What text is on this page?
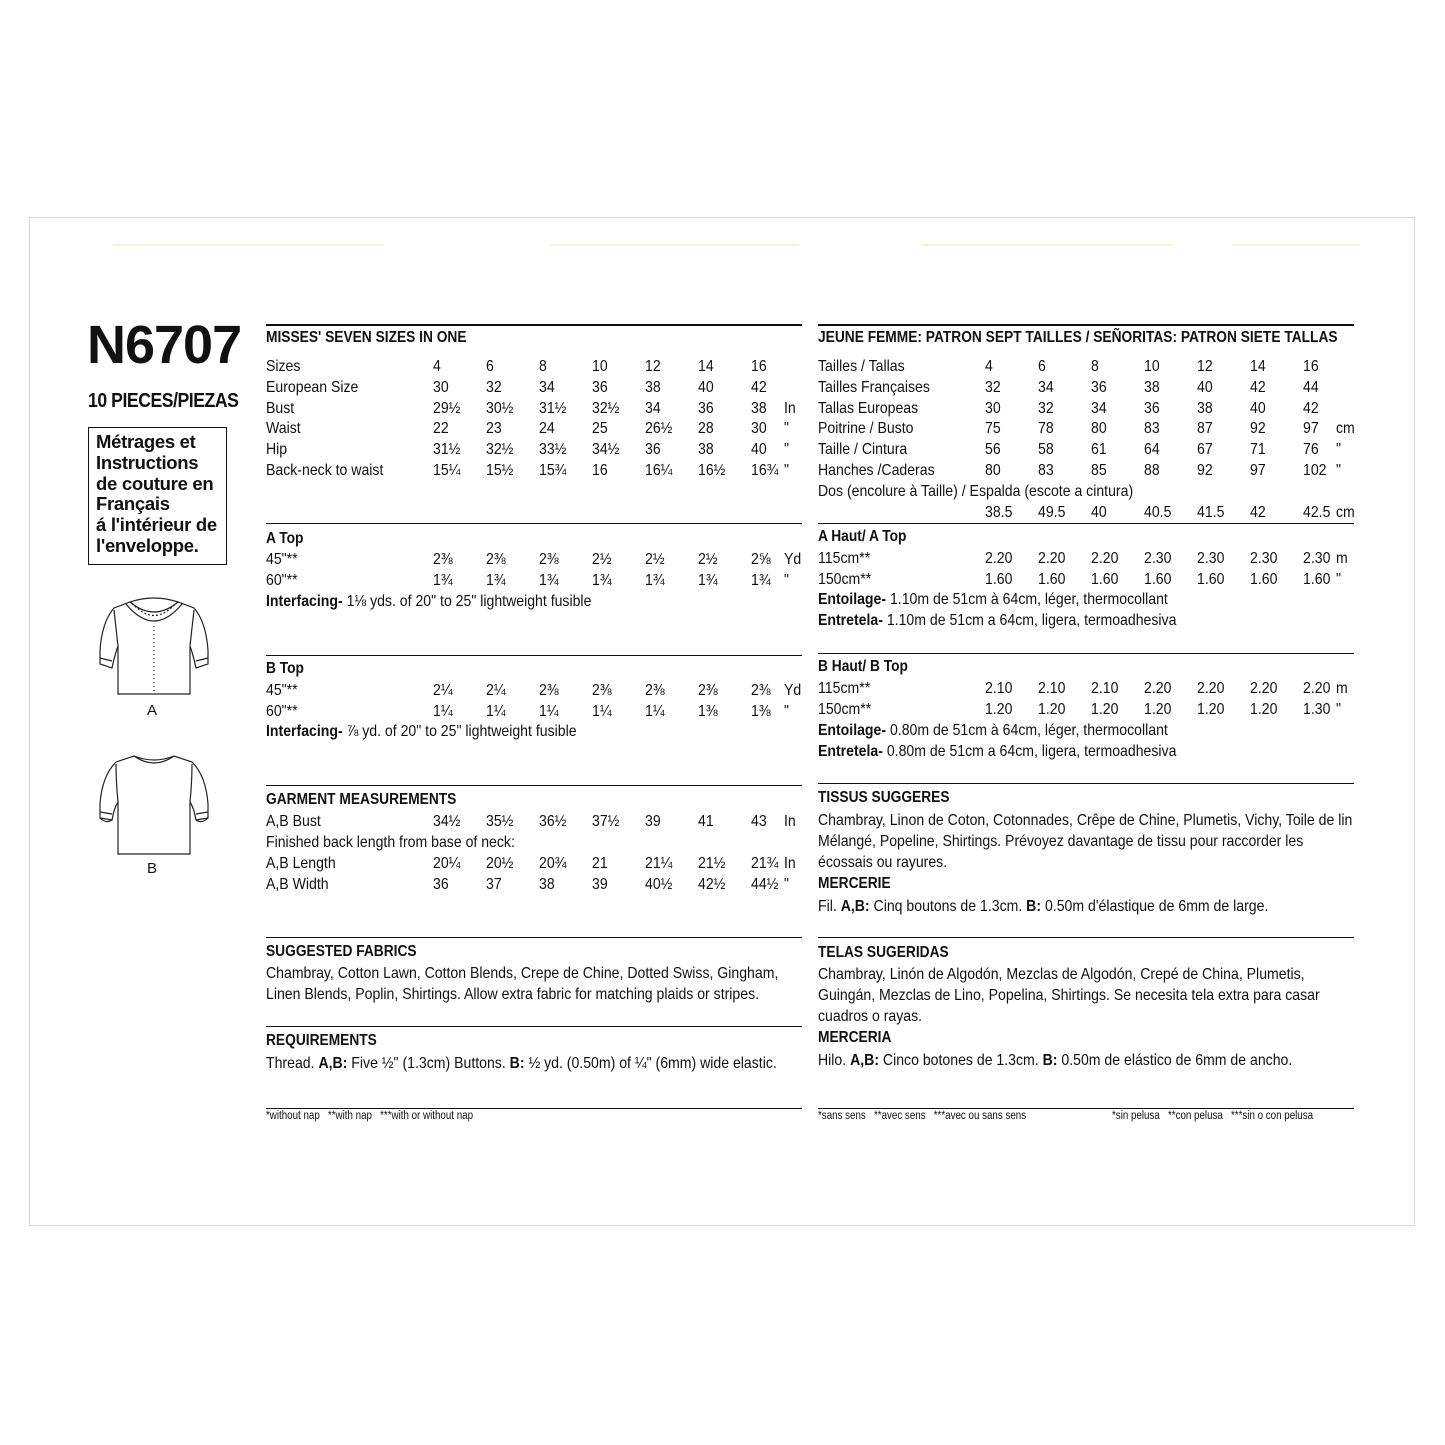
N6707
10 PIECES/PIEZAS
Métrages et
Instructions
de couture en
Français
á l'intérieur de
l'enveloppe.
A
B
MISSES' SEVEN SIZES IN ONE
Sizes	4	6	8	10 12 14 16
European Size	30 32 34 36 38 40 42
Bust	29½ 30½ 31½ 32½ 34 36 38 In
Waist	22 23 24 25 26½ 28 30 "
Hip	31½ 32½ 33½ 34½ 36 38 40 "
Back-neck to waist	15¼ 15½ 15¾ 16 16¼ 16½ 16¾ "
A Top
45"**	2⅜ 2⅜ 2⅜ 2½ 2½ 2½ 2⅝ Yd
60"**	1¾ 1¾ 1¾ 1¾ 1¾ 1¾ 1¾ "
Interfacing- 1⅛ yds. of 20" to 25" lightweight fusible
B Top
45"**	2¼ 2¼ 2⅜ 2⅜ 2⅜ 2⅜ 2⅜ Yd
60"**	1¼ 1¼ 1¼ 1¼ 1¼ 1⅜ 1⅜ "
Interfacing- ⅞ yd. of 20" to 25" lightweight fusible
GARMENT MEASUREMENTS
A,B Bust	34½ 35½ 36½ 37½ 39 41 43 In
Finished back length from base of neck:
A,B Length	20¼ 20½ 20¾ 21 21¼ 21½ 21¾ In
A,B Width	36 37 38 39 40½ 42½ 44½ "
SUGGESTED FABRICS
Chambray, Cotton Lawn, Cotton Blends, Crepe de Chine, Dotted Swiss, Gingham, Linen Blends, Poplin, Shirtings. Allow extra fabric for matching plaids or stripes.
REQUIREMENTS
Thread. A,B: Five ½" (1.3cm) Buttons. B: ½ yd. (0.50m) of ¼" (6mm) wide elastic.
*without nap   **with nap   ***with or without nap
JEUNE FEMME: PATRON SEPT TAILLES / SEÑORITAS: PATRON SIETE TALLAS
Tailles / Tallas	4	6	8	10 12 14 16
Tailles Françaises	32 34 36 38 40 42 44
Tallas Europeas	30 32 34 36 38 40 42
Poitrine / Busto	75 78 80 83 87 92 97 cm
Taille / Cintura	56 58 61 64 67 71 76 "
Hanches /Caderas	80 83 85 88 92 97 102 "
Dos (encolure à Taille) / Espalda (escote a cintura)
38.5 49.5 40 40.5 41.5 42 42.5 cm
A Haut/ A Top
115cm**	2.20 2.20 2.20 2.30 2.30 2.30 2.30 m
150cm**	1.60 1.60 1.60 1.60 1.60 1.60 1.60 "
Entoilage- 1.10m de 51cm à 64cm, léger, thermocollant
Entretela- 1.10m de 51cm a 64cm, ligera, termoadhesiva
B Haut/ B Top
115cm**	2.10 2.10 2.10 2.20 2.20 2.20 2.20 m
150cm**	1.20 1.20 1.20 1.20 1.20 1.20 1.30 "
Entoilage- 0.80m de 51cm à 64cm, léger, thermocollant
Entretela- 0.80m de 51cm a 64cm, ligera, termoadhesiva
TISSUS SUGGERES
Chambray, Linon de Coton, Cotonnades, Crêpe de Chine, Plumetis, Vichy, Toile de lin Mélangé, Popeline, Shirtings. Prévoyez davantage de tissu pour raccorder les écossais ou rayures.
MERCERIE
Fil. A,B: Cinq boutons de 1.3cm. B: 0.50m d'élastique de 6mm de large.
TELAS SUGERIDAS
Chambray, Linón de Algodón, Mezclas de Algodón, Crepé de China, Plumetis, Guingán, Mezclas de Lino, Popelina, Shirtings. Se necesita tela extra para casar cuadros o rayas.
MERCERIA
Hilo. A,B: Cinco botones de 1.3cm. B: 0.50m de elástico de 6mm de ancho.
*sans sens   **avec sens   ***avec ou sans sens	*sin pelusa   **con pelusa   ***sin o con pelusa
